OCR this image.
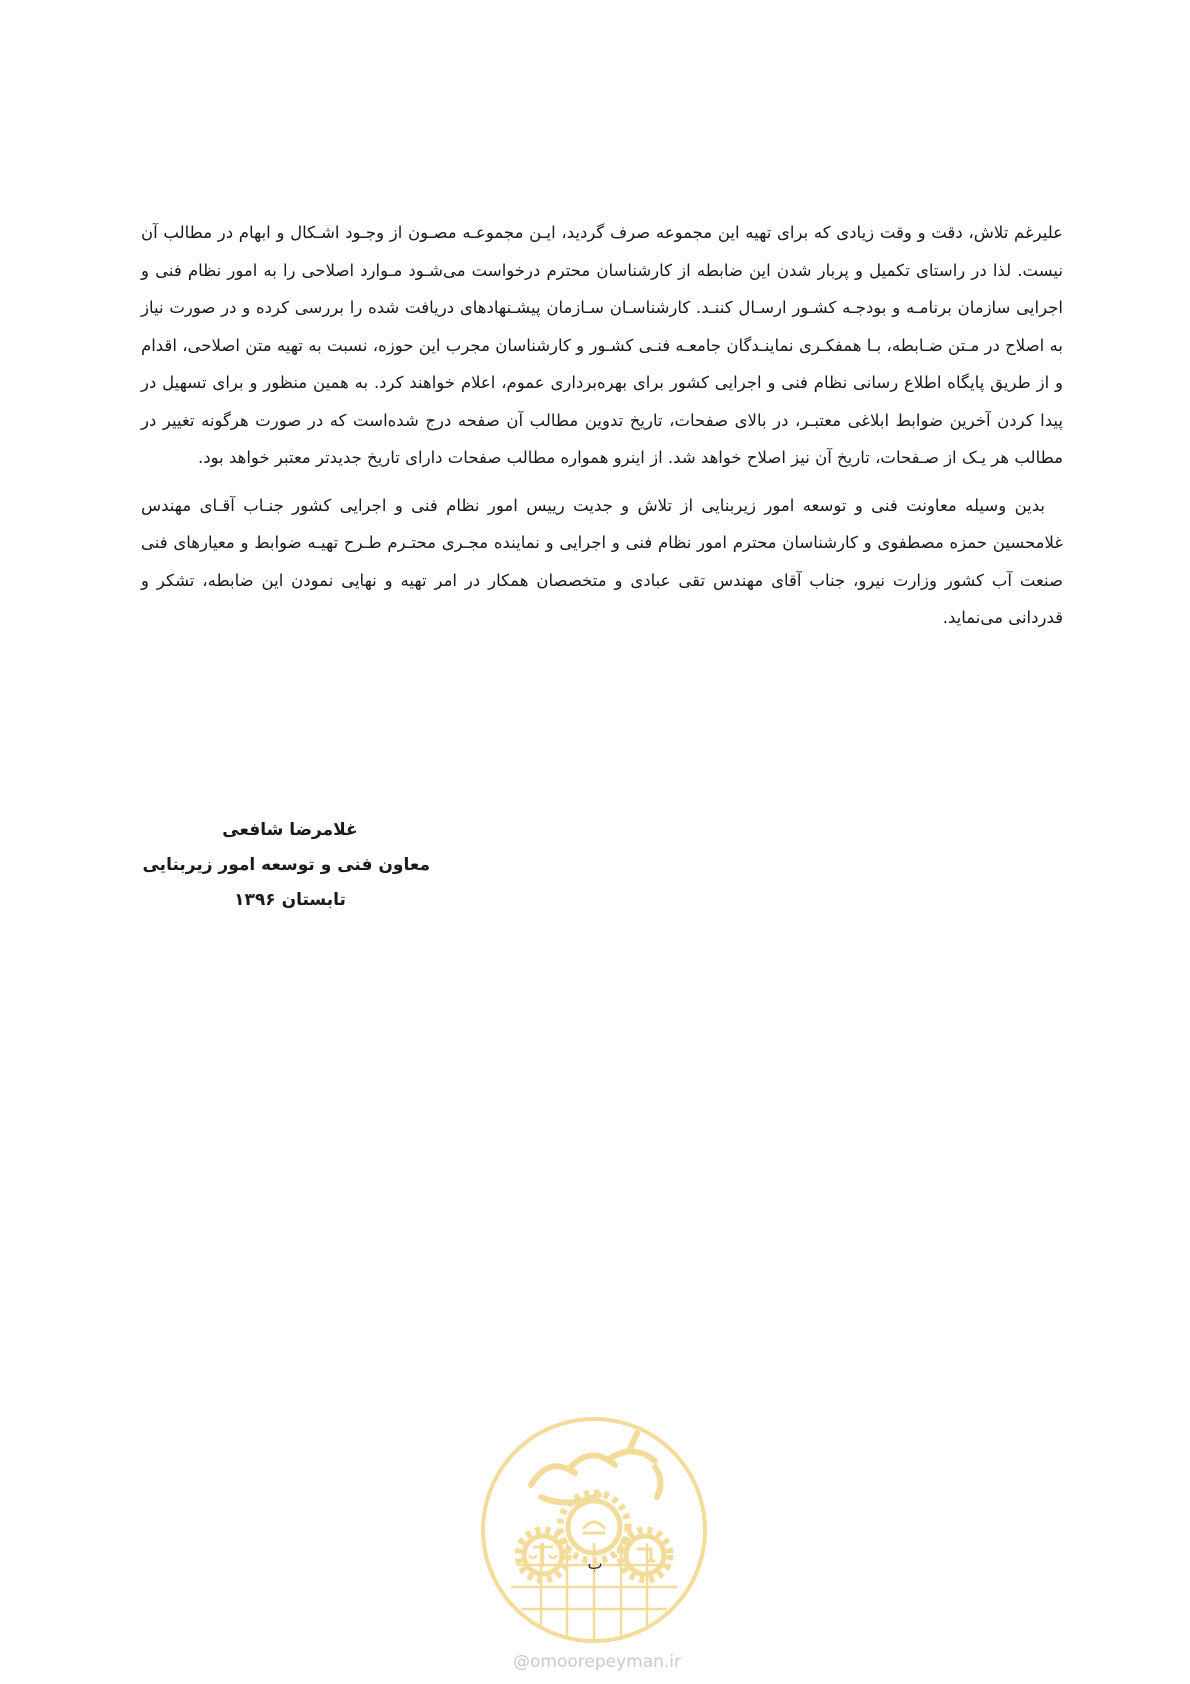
علیرغم تلاش، دقت و وقت زیادی که برای تهیه این مجموعه صرف گردید، ایـن مجموعـه مصـون از وجـود اشـکال و ابهام در مطالب آن نیست. لذا در راستای تکمیل و پربار شدن این ضابطه از کارشناسان محترم درخواست می‌شـود مـوارد اصلاحی را به امور نظام فنی و اجرایی سازمان برنامـه و بودجـه کشـور ارسـال کننـد. کارشناسـان سـازمان پیشـنهادهای دریافت شده را بررسی کرده و در صورت نیاز به اصلاح در مـتن ضـابطه، بـا همفکـری نماینـدگان جامعـه فنـی کشـور و کارشناسان مجرب این حوزه، نسبت به تهیه متن اصلاحی، اقدام و از طریق پایگاه اطلاع رسانی نظام فنی و اجرایی کشور برای بهره‌برداری عموم، اعلام خواهند کرد. به همین منظور و برای تسهیل در پیدا کردن آخرین ضوابط ابلاغی معتبـر، در بالای صفحات، تاریخ تدوین مطالب آن صفحه درج شده‌است که در صورت هرگونه تغییر در مطالب هر یـک از صـفحات، تاریخ آن نیز اصلاح خواهد شد. از اینرو همواره مطالب صفحات دارای تاریخ جدیدتر معتبر خواهد بود.

بدین وسیله معاونت فنی و توسعه امور زیربنایی از تلاش و جدیت رییس امور نظام فنی و اجرایی کشور جنـاب آقـای مهندس غلامحسین حمزه مصطفوی و کارشناسان محترم امور نظام فنی و اجرایی و نماینده مجـری محتـرم طـرح تهیـه ضوابط و معیارهای فنی صنعت آب کشور وزارت نیرو، جناب آقای مهندس تقی عبادی و متخصصان همکار در امر تهیه و نهایی نمودن این ضابطه، تشکر و قدردانی می‌نماید.

غلامرضا شافعی
معاون فنی و توسعه امور زیربنایی
تابستان ۱۳۹۶
ب
@omoorepeyman.ir
